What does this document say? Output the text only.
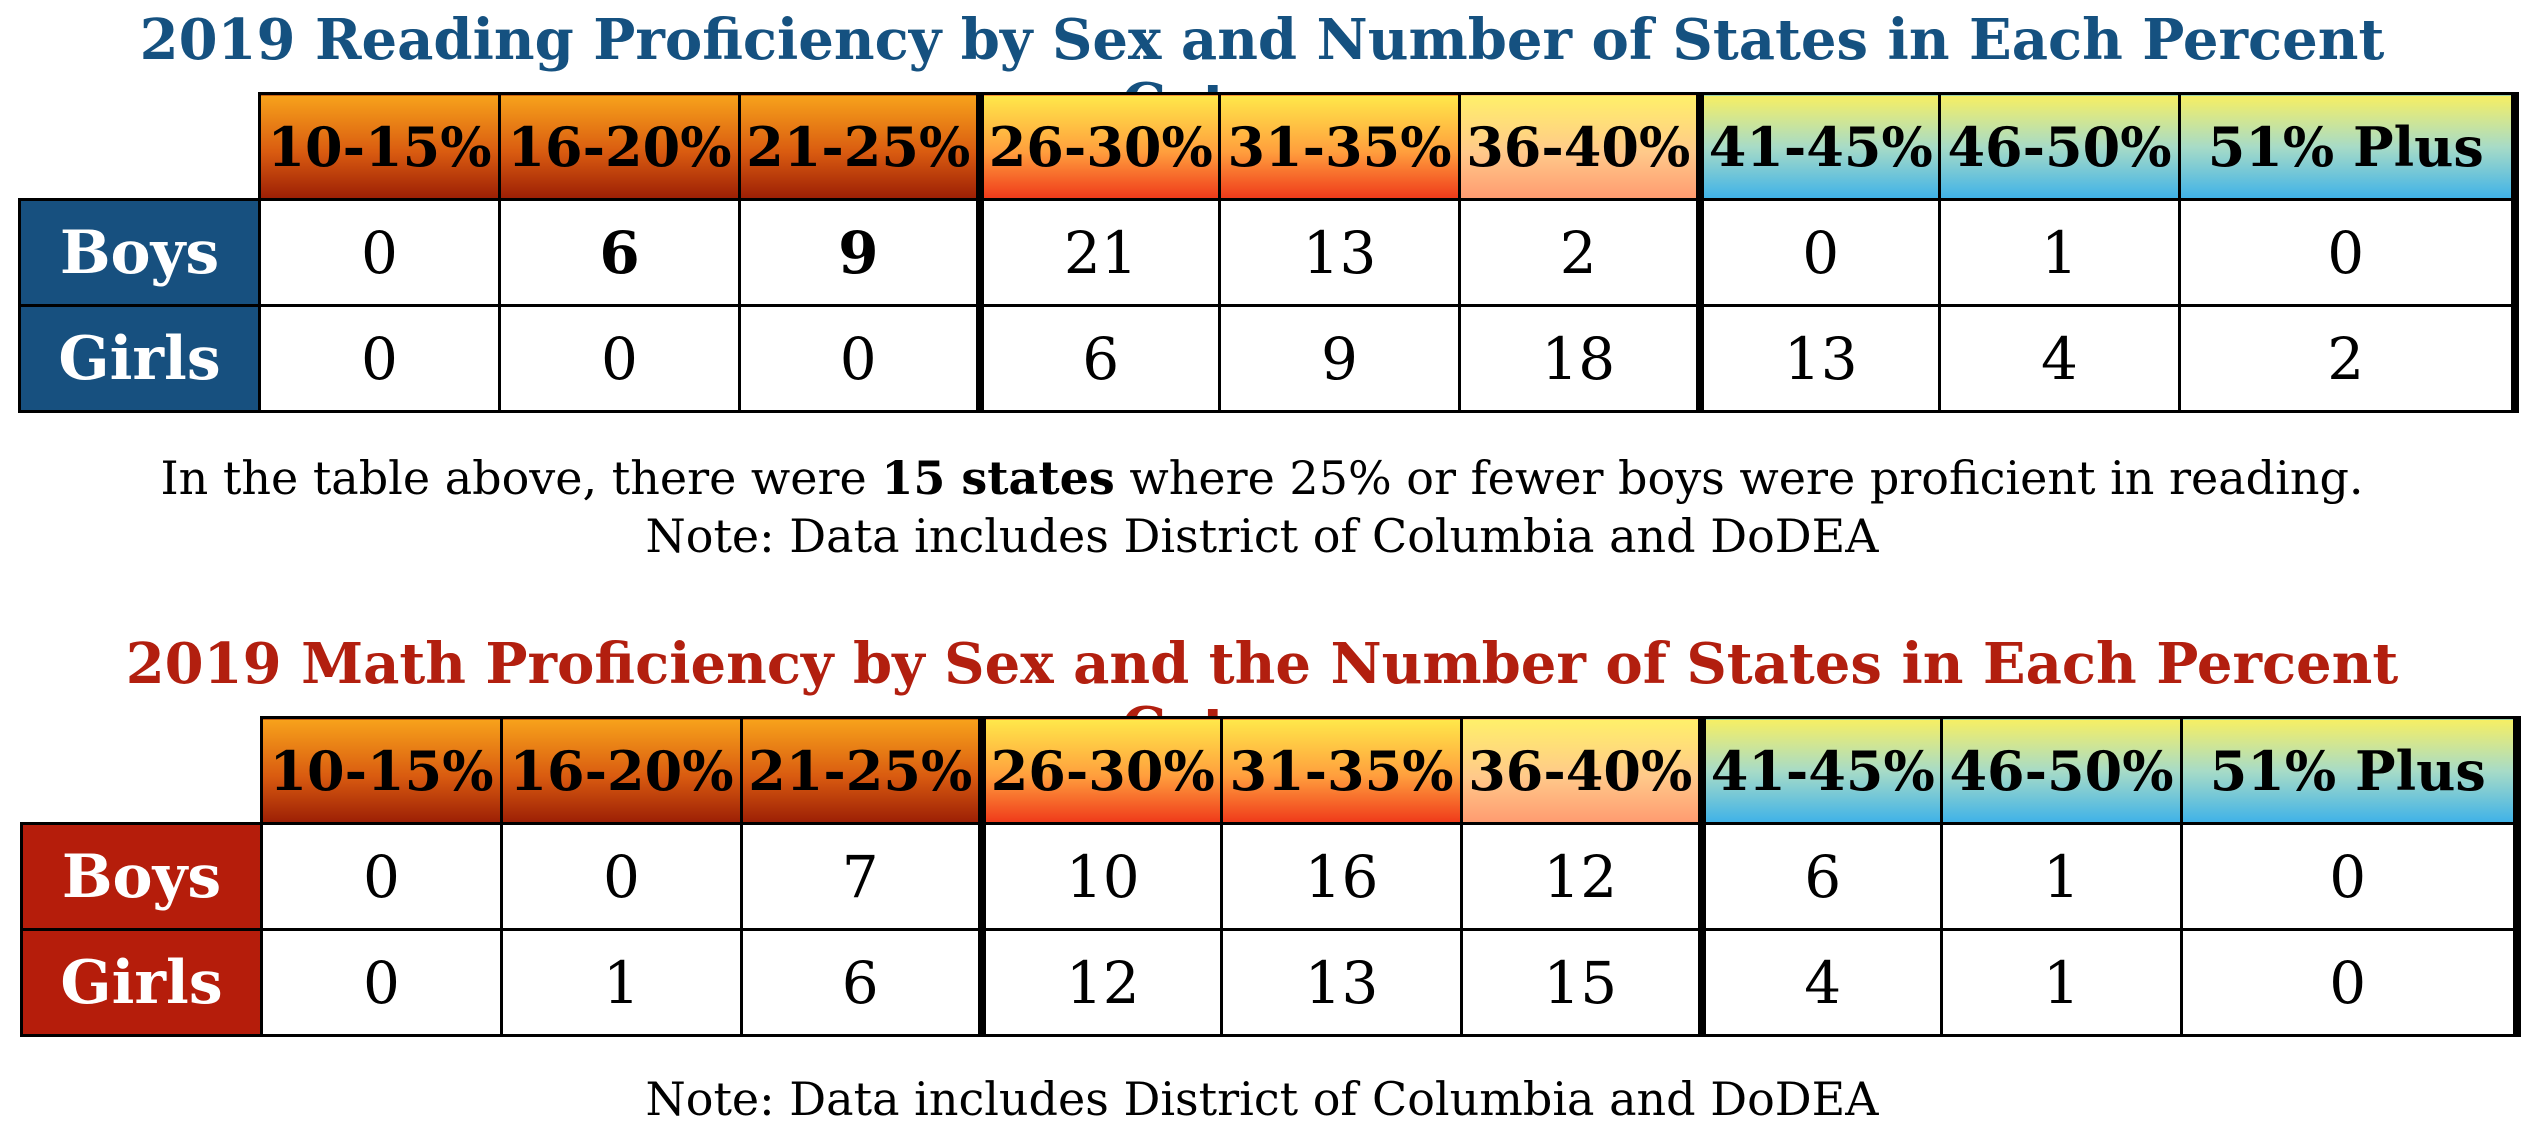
2019 Reading Proficiency by Sex and Number of States in Each Percent
	10-15%	16-20%	21-25%	26-30%	31-35%	36-40%	41-45%	46-50%	51% Plus
Boys	0	6	9	21	13	2	0	1	0
Girls	0	0	0	6	9	18	13	4	2
In the table above, there were 15 states where 25% or fewer boys were proficient in reading.
Note: Data includes District of Columbia and DoDEA
2019 Math Proficiency by Sex and the Number of States in Each Percent
	10-15%	16-20%	21-25%	26-30%	31-35%	36-40%	41-45%	46-50%	51% Plus
Boys	0	0	7	10	16	12	6	1	0
Girls	0	1	6	12	13	15	4	1	0
Note: Data includes District of Columbia and DoDEA
